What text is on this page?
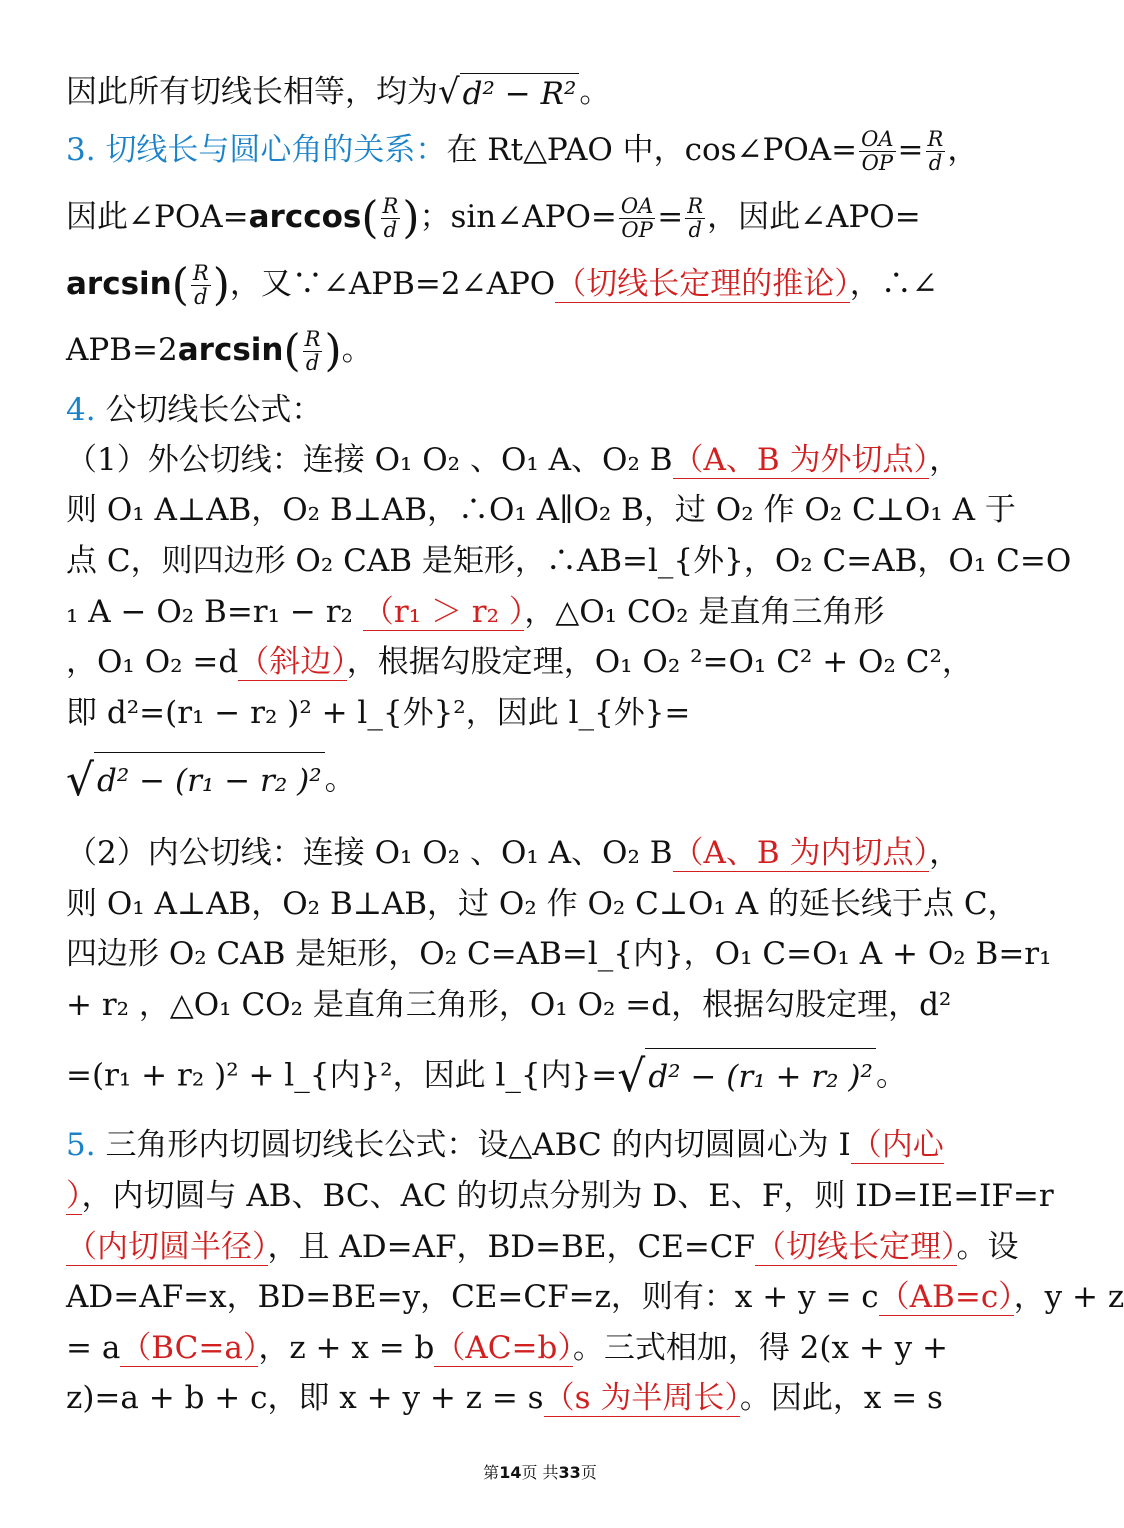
因此所有切线长相等，均为 √ d² − R² 。
3. 切线长与圆心角的关系：在 Rt△PAO 中，cos∠POA= $\frac{OA}{OP} = \frac{R}{d}$ ，
因此∠POA=arccos( $\frac{R}{d}$ )；sin∠APO= $\frac{OA}{OP} = \frac{R}{d}$ ，因此∠APO=
$\arcsin( \frac{R}{d}$ )，又∵∠APB=2∠APO（切线长定理的推论），∴∠
$APB=2\arcsin( \frac{R}{d}$ )。
4. 公切线长公式：
（1）外公切线：连接 O₁ O₂ 、O₁ A、O₂ B（A、B 为外切点），
则 O₁ A⊥AB，O₂ B⊥AB，∴O₁ A∥O₂ B，过 O₂ 作 O₂ C⊥O₁ A 于
点 C，则四边形 O₂ CAB 是矩形，∴AB=l_{外}，O₂ C=AB，O₁ C=O
₁ A − O₂ B=r₁ − r₂ （r₁ ＞ r₂ ），△O₁ CO₂ 是直角三角形
，O₁ O₂ =d（斜边），根据勾股定理，O₁ O₂ ²=O₁ C² + O₂ C²，
即 d²=(r₁ − r₂ )² + l_{外}²，因此 l_{外}=
√ d² − (r₁ − r₂ )² 。
（2）内公切线：连接 O₁ O₂ 、O₁ A、O₂ B（A、B 为内切点），
则 O₁ A⊥AB，O₂ B⊥AB，过 O₂ 作 O₂ C⊥O₁ A 的延长线于点 C，
四边形 O₂ CAB 是矩形，O₂ C=AB=l_{内}，O₁ C=O₁ A + O₂ B=r₁
+ r₂ ，△O₁ CO₂ 是直角三角形，O₁ O₂ =d，根据勾股定理，d²
=(r₁ + r₂ )² + l_{内}²，因此 l_{内}= √ d² − (r₁ + r₂ )² 。
5. 三角形内切圆切线长公式：设△ABC 的内切圆圆心为 I（内心
），内切圆与 AB、BC、AC 的切点分别为 D、E、F，则 ID=IE=IF=r
（内切圆半径），且 AD=AF，BD=BE，CE=CF（切线长定理）。设
AD=AF=x，BD=BE=y，CE=CF=z，则有：x + y = c（AB=c），y + z
= a（BC=a），z + x = b（AC=b）。三式相加，得 2(x + y +
z)=a + b + c，即 x + y + z = s（s 为半周长）。因此，x = s
第14页 共33页
